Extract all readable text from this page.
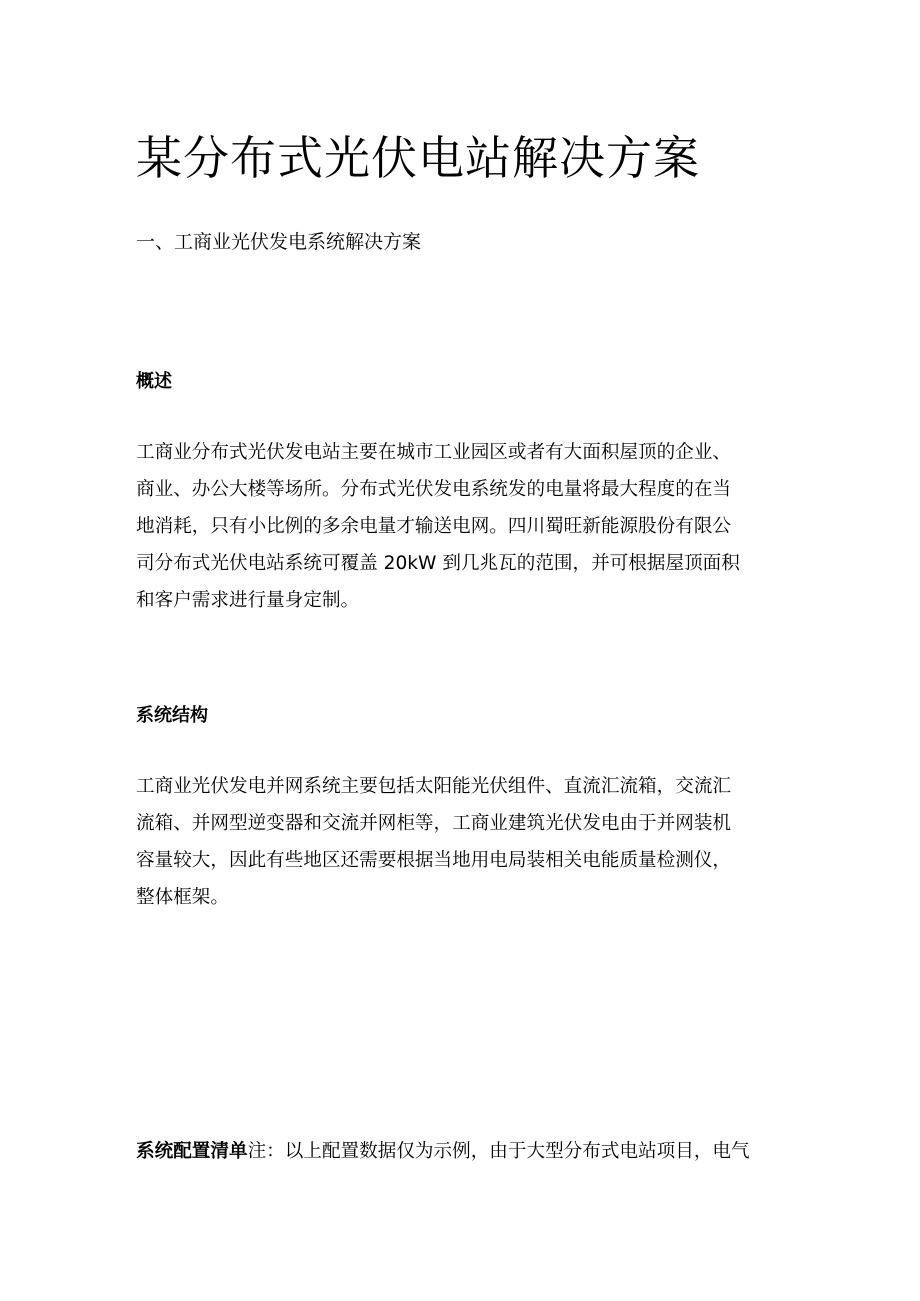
某分布式光伏电站解决方案
一、工商业光伏发电系统解决方案
概述
工商业分布式光伏发电站主要在城市工业园区或者有大面积屋顶的企业、
商业、办公大楼等场所。分布式光伏发电系统发的电量将最大程度的在当
地消耗，只有小比例的多余电量才输送电网。四川蜀旺新能源股份有限公
司分布式光伏电站系统可覆盖 20kW 到几兆瓦的范围，并可根据屋顶面积
和客户需求进行量身定制。
系统结构
工商业光伏发电并网系统主要包括太阳能光伏组件、直流汇流箱，交流汇
流箱、并网型逆变器和交流并网柜等，工商业建筑光伏发电由于并网装机
容量较大，因此有些地区还需要根据当地用电局装相关电能质量检测仪，
整体框架。

系统配置清单注：以上配置数据仅为示例，由于大型分布式电站项目，电气
